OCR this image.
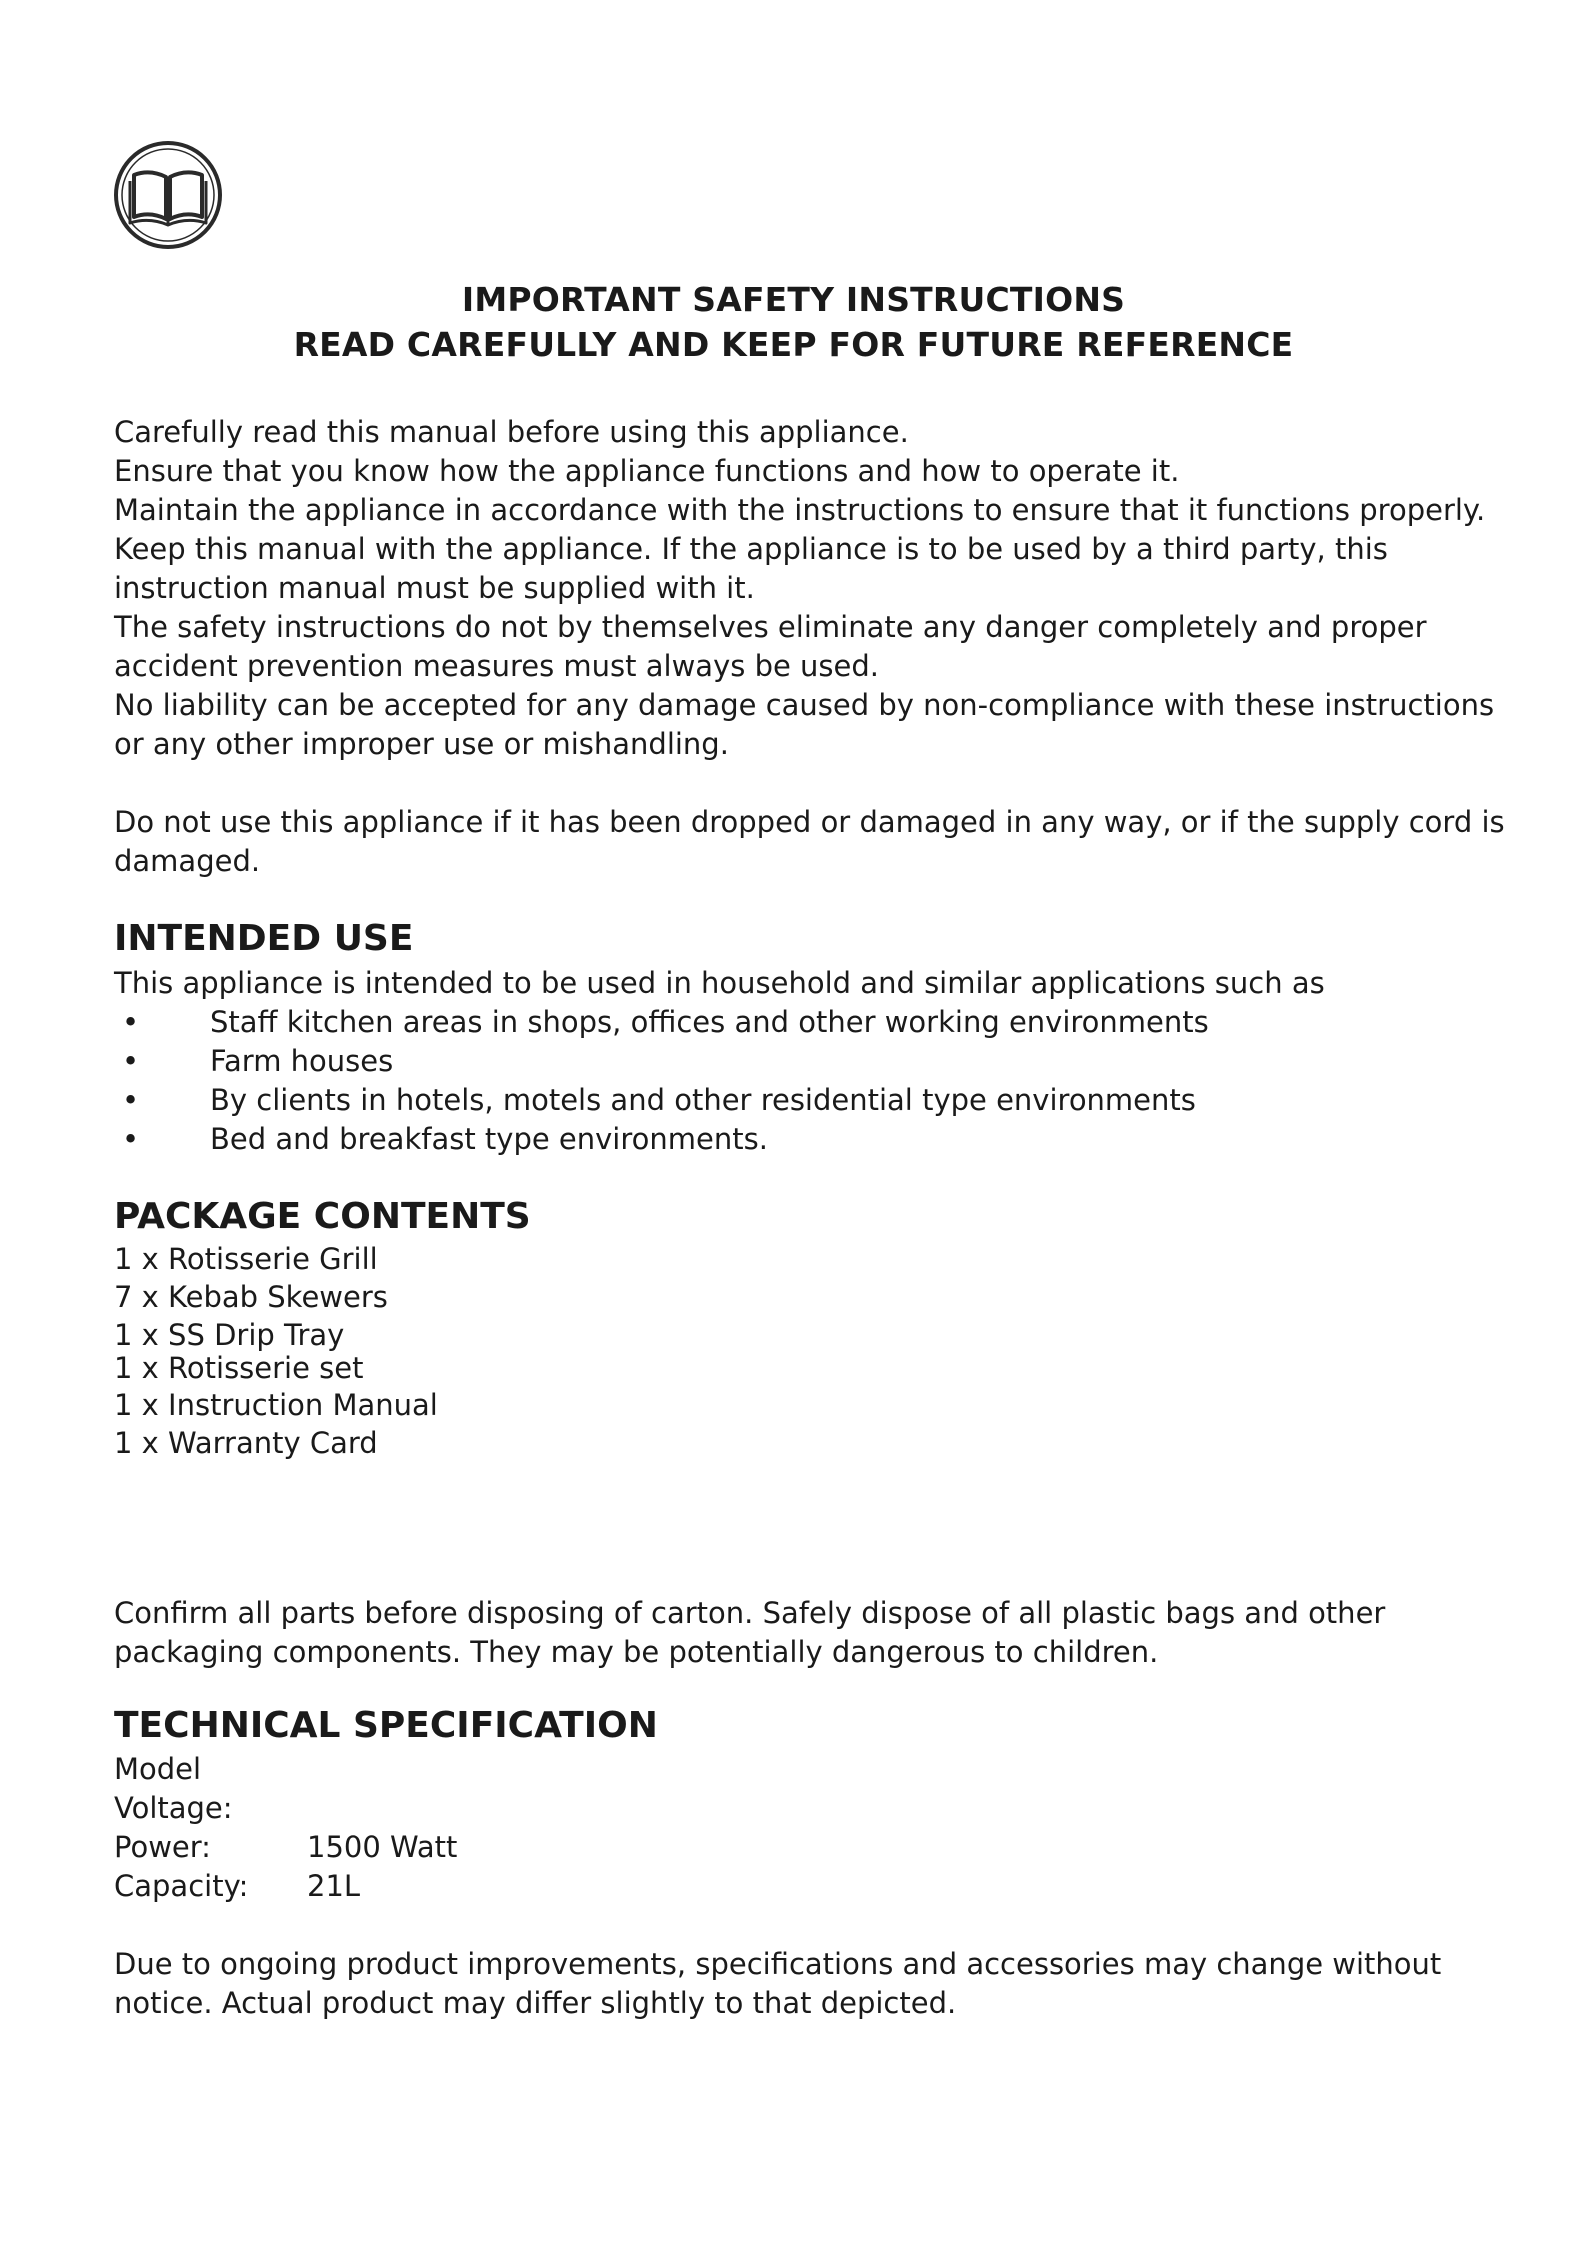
IMPORTANT SAFETY INSTRUCTIONS
READ CAREFULLY AND KEEP FOR FUTURE REFERENCE

Carefully read this manual before using this appliance.

Ensure that you know how the appliance functions and how to operate it.

Maintain the appliance in accordance with the instructions to ensure that it functions properly.

Keep this manual with the appliance. If the appliance is to be used by a third party, this

instruction manual must be supplied with it.

The safety instructions do not by themselves eliminate any danger completely and proper

accident prevention measures must always be used.

No liability can be accepted for any damage caused by non-compliance with these instructions

or any other improper use or mishandling.

Do not use this appliance if it has been dropped or damaged in any way, or if the supply cord is

damaged.

INTENDED USE

This appliance is intended to be used in household and similar applications such as

• Staff kitchen areas in shops, offices and other working environments
• Farm houses
• By clients in hotels, motels and other residential type environments
• Bed and breakfast type environments.
PACKAGE CONTENTS
1 x Rotisserie Grill
7 x Kebab Skewers
1 x SS Drip Tray
1 x Rotisserie set
1 x Instruction Manual
1 x Warranty Card

Confirm all parts before disposing of carton. Safely dispose of all plastic bags and other

packaging components. They may be potentially dangerous to children.

TECHNICAL SPECIFICATION
Model
Voltage:
Power:	1500 Watt
Capacity: 21L

Due to ongoing product improvements, specifications and accessories may change without

notice. Actual product may differ slightly to that depicted.
